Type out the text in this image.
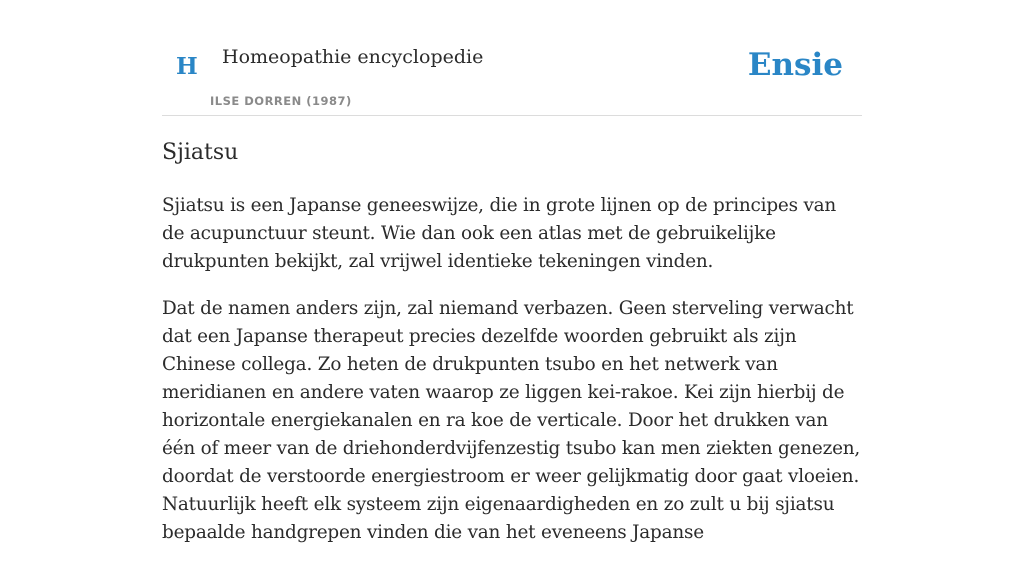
H Homeopathie encyclopedie
ILSE DORREN (1987)
Ensie
Sjiatsu

Sjiatsu is een Japanse geneeswijze, die in grote lijnen op de principes van de acupunctuur steunt. Wie dan ook een atlas met de gebruikelijke drukpunten bekijkt, zal vrijwel identieke tekeningen vinden.

Dat de namen anders zijn, zal niemand verbazen. Geen sterveling verwacht dat een Japanse therapeut precies dezelfde woorden gebruikt als zijn Chinese collega. Zo heten de drukpunten tsubo en het netwerk van meridianen en andere vaten waarop ze liggen kei-rakoe. Kei zijn hierbij de horizontale energiekanalen en ra koe de verticale. Door het drukken van één of meer van de driehonderdvijfenzestig tsubo kan men ziekten genezen, doordat de verstoorde energiestroom er weer gelijkmatig door gaat vloeien. Natuurlijk heeft elk systeem zijn eigenaardigheden en zo zult u bij sjiatsu bepaalde handgrepen vinden die van het eveneens Japanse
